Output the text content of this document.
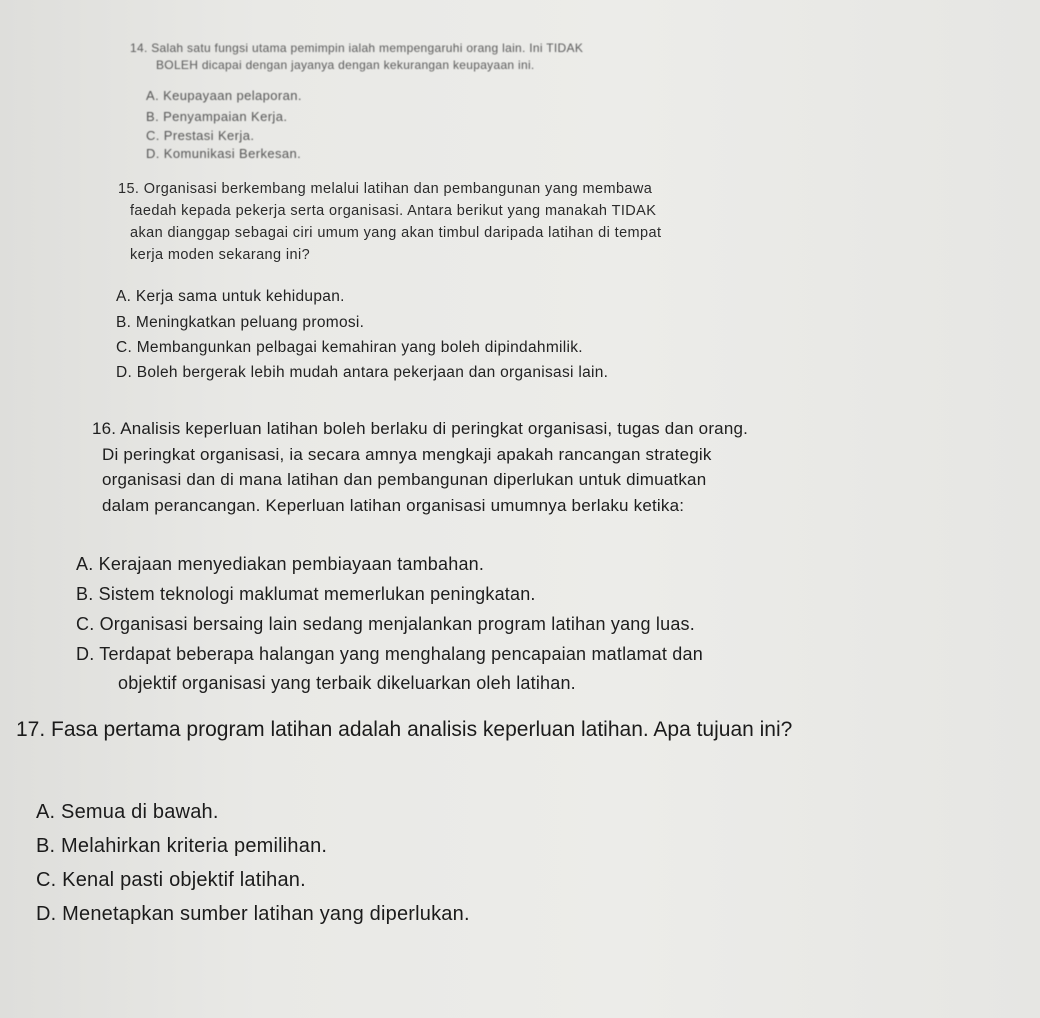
14. Salah satu fungsi utama pemimpin ialah mempengaruhi orang lain. Ini TIDAK
BOLEH dicapai dengan jayanya dengan kekurangan keupayaan ini.

A. Keupayaan pelaporan.

B. Penyampaian Kerja.

C. Prestasi Kerja.

D. Komunikasi Berkesan.

15. Organisasi berkembang melalui latihan dan pembangunan yang membawa
faedah kepada pekerja serta organisasi. Antara berikut yang manakah TIDAK
akan dianggap sebagai ciri umum yang akan timbul daripada latihan di tempat
kerja moden sekarang ini?

A. Kerja sama untuk kehidupan.

B. Meningkatkan peluang promosi.

C. Membangunkan pelbagai kemahiran yang boleh dipindahmilik.

D. Boleh bergerak lebih mudah antara pekerjaan dan organisasi lain.

16. Analisis keperluan latihan boleh berlaku di peringkat organisasi, tugas dan orang.
Di peringkat organisasi, ia secara amnya mengkaji apakah rancangan strategik
organisasi dan di mana latihan dan pembangunan diperlukan untuk dimuatkan
dalam perancangan. Keperluan latihan organisasi umumnya berlaku ketika:

A. Kerajaan menyediakan pembiayaan tambahan.

B. Sistem teknologi maklumat memerlukan peningkatan.

C. Organisasi bersaing lain sedang menjalankan program latihan yang luas.

D. Terdapat beberapa halangan yang menghalang pencapaian matlamat dan

objektif organisasi yang terbaik dikeluarkan oleh latihan.

17. Fasa pertama program latihan adalah analisis keperluan latihan. Apa tujuan ini?

A. Semua di bawah.

B. Melahirkan kriteria pemilihan.

C. Kenal pasti objektif latihan.

D. Menetapkan sumber latihan yang diperlukan.
